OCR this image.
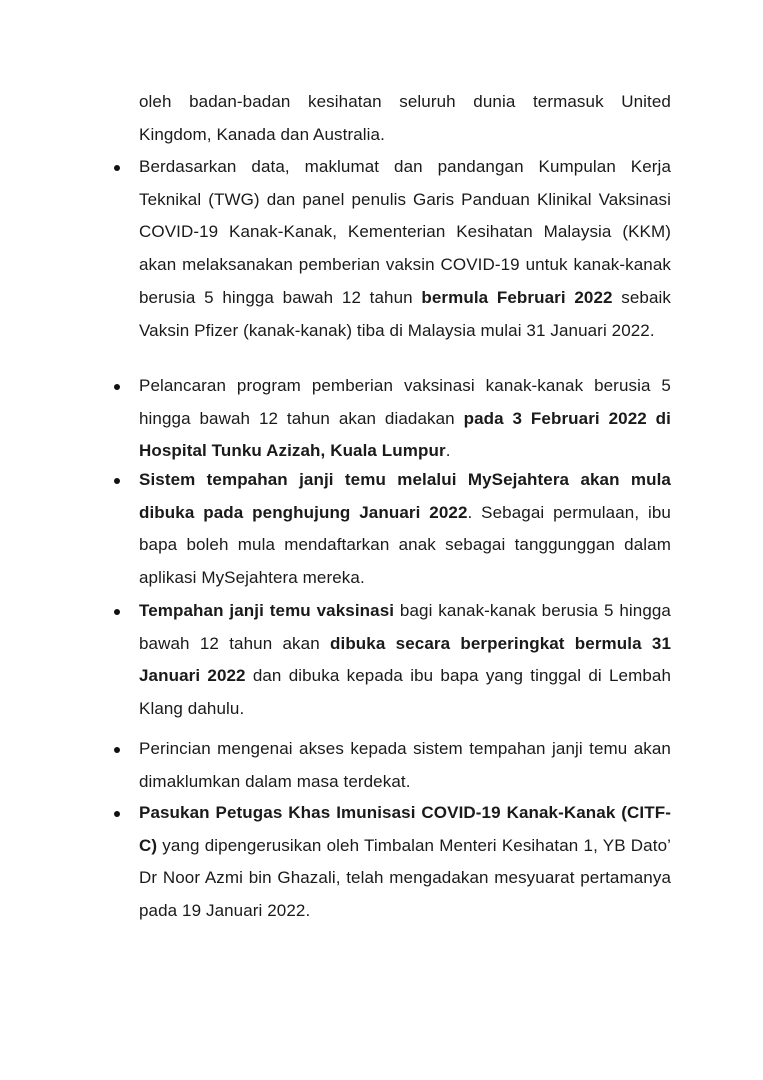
oleh badan-badan kesihatan seluruh dunia termasuk United Kingdom, Kanada dan Australia.
Berdasarkan data, maklumat dan pandangan Kumpulan Kerja Teknikal (TWG) dan panel penulis Garis Panduan Klinikal Vaksinasi COVID-19 Kanak-Kanak, Kementerian Kesihatan Malaysia (KKM) akan melaksanakan pemberian vaksin COVID-19 untuk kanak-kanak berusia 5 hingga bawah 12 tahun bermula Februari 2022 sebaik Vaksin Pfizer (kanak-kanak) tiba di Malaysia mulai 31 Januari 2022.
Pelancaran program pemberian vaksinasi kanak-kanak berusia 5 hingga bawah 12 tahun akan diadakan pada 3 Februari 2022 di Hospital Tunku Azizah, Kuala Lumpur.
Sistem tempahan janji temu melalui MySejahtera akan mula dibuka pada penghujung Januari 2022. Sebagai permulaan, ibu bapa boleh mula mendaftarkan anak sebagai tanggunggan dalam aplikasi MySejahtera mereka.
Tempahan janji temu vaksinasi bagi kanak-kanak berusia 5 hingga bawah 12 tahun akan dibuka secara berperingkat bermula 31 Januari 2022 dan dibuka kepada ibu bapa yang tinggal di Lembah Klang dahulu.
Perincian mengenai akses kepada sistem tempahan janji temu akan dimaklumkan dalam masa terdekat.
Pasukan Petugas Khas Imunisasi COVID-19 Kanak-Kanak (CITF-C) yang dipengerusikan oleh Timbalan Menteri Kesihatan 1, YB Dato’ Dr Noor Azmi bin Ghazali, telah mengadakan mesyuarat pertamanya pada 19 Januari 2022.
